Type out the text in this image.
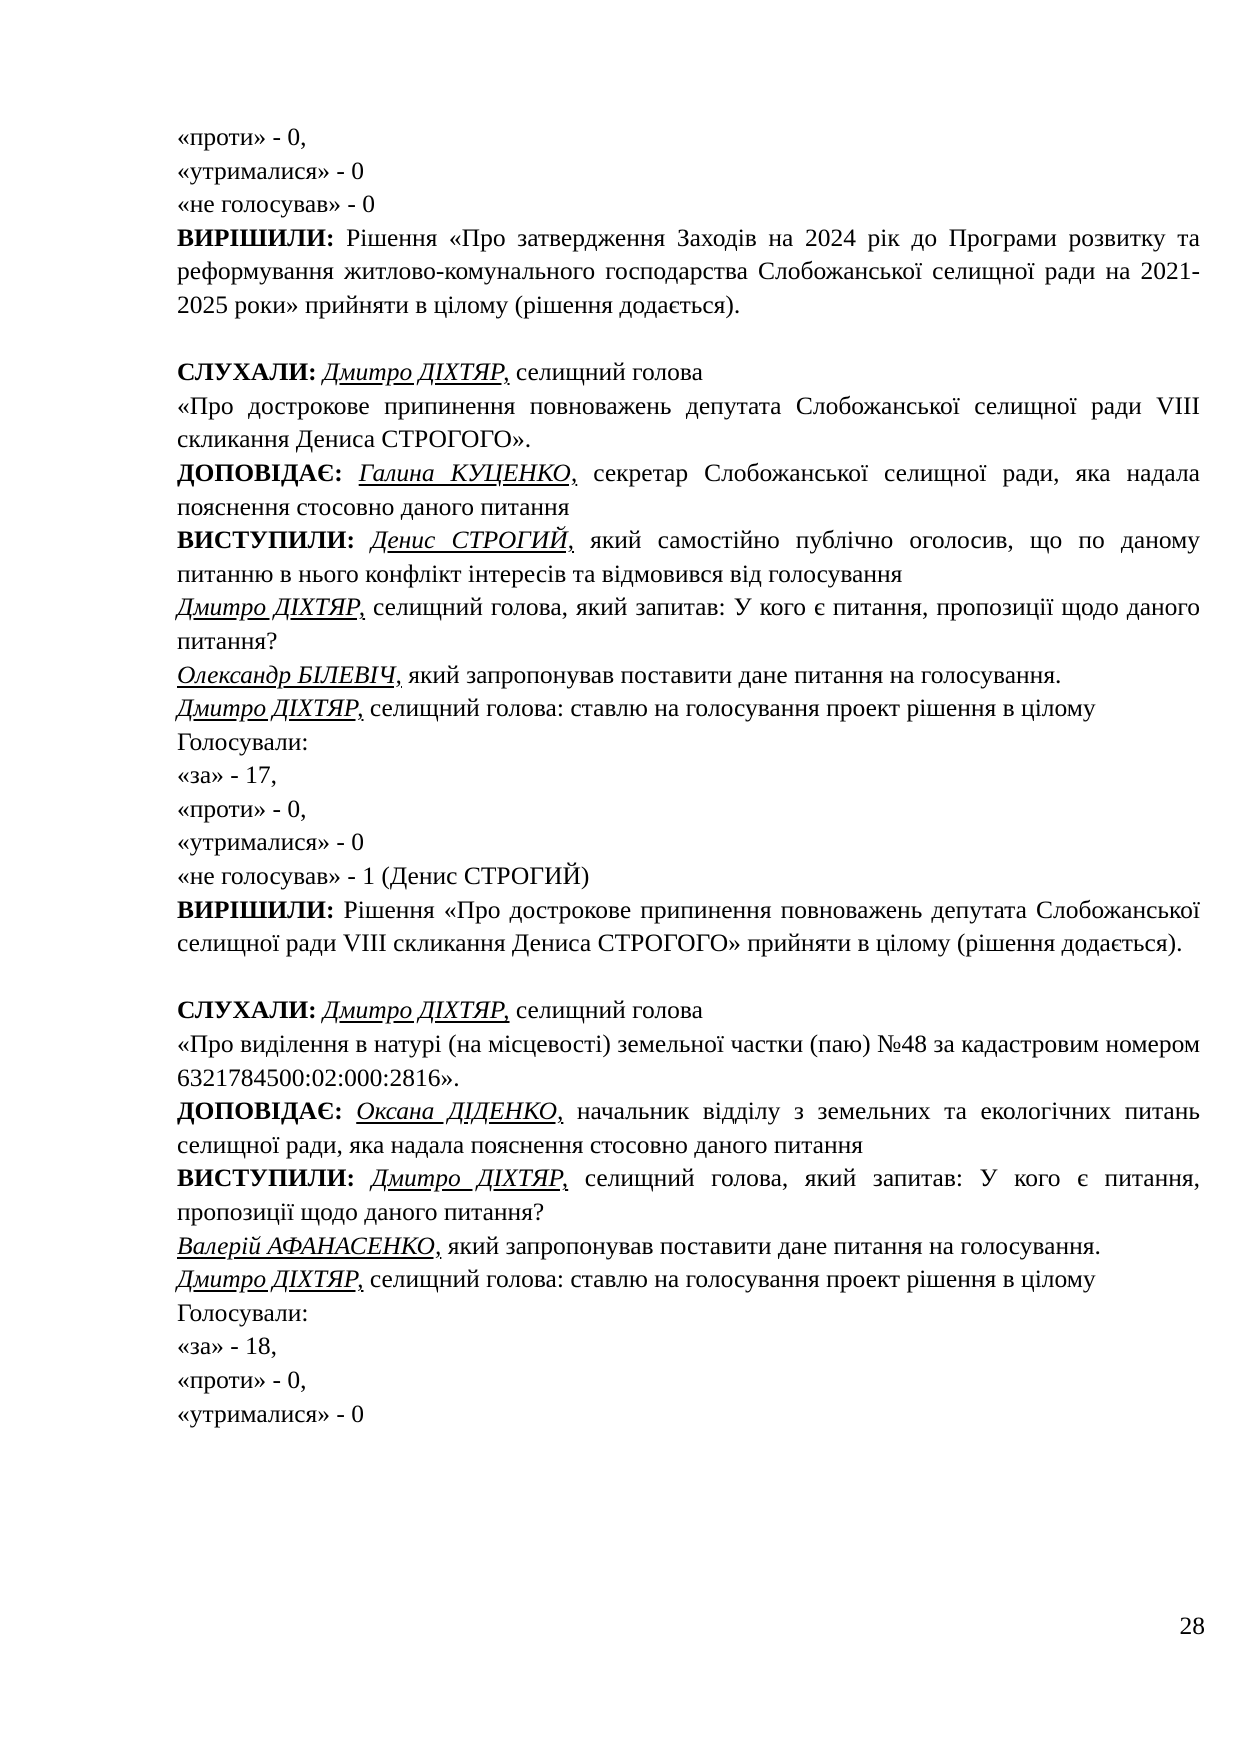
«проти» - 0,

«утрималися» - 0

«не голосував» - 0

ВИРІШИЛИ: Рішення «Про затвердження Заходів на 2024 рік до Програми розвитку та реформування житлово-комунального господарства Слобожанської селищної ради на 2021-2025 роки» прийняти в цілому (рішення додається).

СЛУХАЛИ: Дмитро ДІХТЯР, селищний голова

«Про дострокове припинення повноважень депутата Слобожанської селищної ради VIII скликання Дениса СТРОГОГО».

ДОПОВІДАЄ: Галина КУЦЕНКО, секретар Слобожанської селищної ради, яка надала пояснення стосовно даного питання

ВИСТУПИЛИ: Денис СТРОГИЙ, який самостійно публічно оголосив, що по даному питанню в нього конфлікт інтересів та відмовився від голосування

Дмитро ДІХТЯР, селищний голова, який запитав: У кого є питання, пропозиції щодо даного питання?

Олександр БІЛЕВІЧ, який запропонував поставити дане питання на голосування.

Дмитро ДІХТЯР, селищний голова: ставлю на голосування проект рішення в цілому

Голосували:

«за» - 17,

«проти» - 0,

«утрималися» - 0

«не голосував» - 1 (Денис СТРОГИЙ)

ВИРІШИЛИ: Рішення «Про дострокове припинення повноважень депутата Слобожанської селищної ради VIII скликання Дениса СТРОГОГО» прийняти в цілому (рішення додається).

СЛУХАЛИ: Дмитро ДІХТЯР, селищний голова

«Про виділення в натурі (на місцевості) земельної частки (паю) №48 за кадастровим номером 6321784500:02:000:2816».

ДОПОВІДАЄ: Оксана ДІДЕНКО, начальник відділу з земельних та екологічних питань селищної ради, яка надала пояснення стосовно даного питання

ВИСТУПИЛИ: Дмитро ДІХТЯР, селищний голова, який запитав: У кого є питання, пропозиції щодо даного питання?

Валерій АФАНАСЕНКО, який запропонував поставити дане питання на голосування.

Дмитро ДІХТЯР, селищний голова: ставлю на голосування проект рішення в цілому

Голосували:

«за» - 18,

«проти» - 0,

«утрималися» - 0

28
